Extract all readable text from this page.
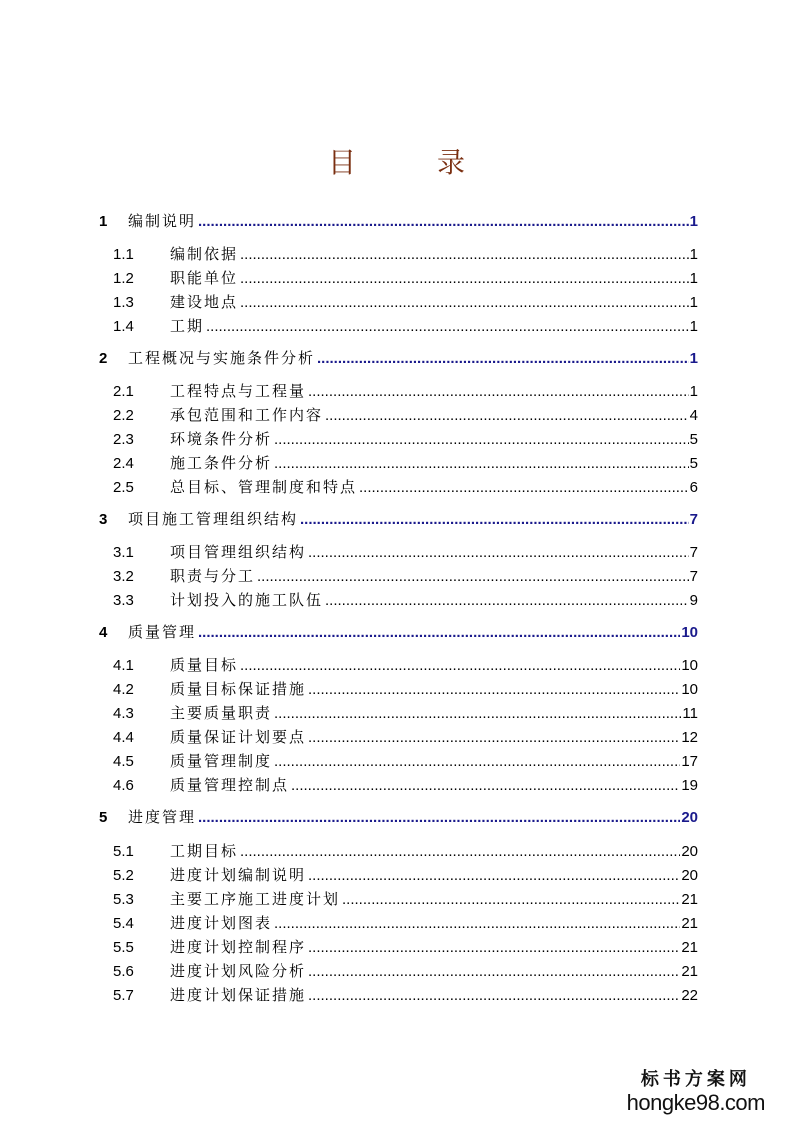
目 录
1 编制说明 .....	1
1.1 编制依据 .....	1
1.2 职能单位 .....	1
1.3 建设地点 .....	1
1.4 工期 .....	1
2 工程概况与实施条件分析 .....	1
2.1 工程特点与工程量 .....	1
2.2 承包范围和工作内容 .....	4
2.3 环境条件分析 .....	5
2.4 施工条件分析 .....	5
2.5 总目标、管理制度和特点 .....	6
3 项目施工管理组织结构 .....	7
3.1 项目管理组织结构 .....	7
3.2 职责与分工 .....	7
3.3 计划投入的施工队伍 .....	9
4 质量管理 .....	10
4.1 质量目标 .....	10
4.2 质量目标保证措施 .....	10
4.3 主要质量职责 .....	11
4.4 质量保证计划要点 .....	12
4.5 质量管理制度 .....	17
4.6 质量管理控制点 .....	19
5 进度管理 .....	20
5.1 工期目标 .....	20
5.2 进度计划编制说明 .....	20
5.3 主要工序施工进度计划 .....	21
5.4 进度计划图表 .....	21
5.5 进度计划控制程序 .....	21
5.6 进度计划风险分析 .....	21
5.7 进度计划保证措施 .....	22
标书方案网
hongke98.com
